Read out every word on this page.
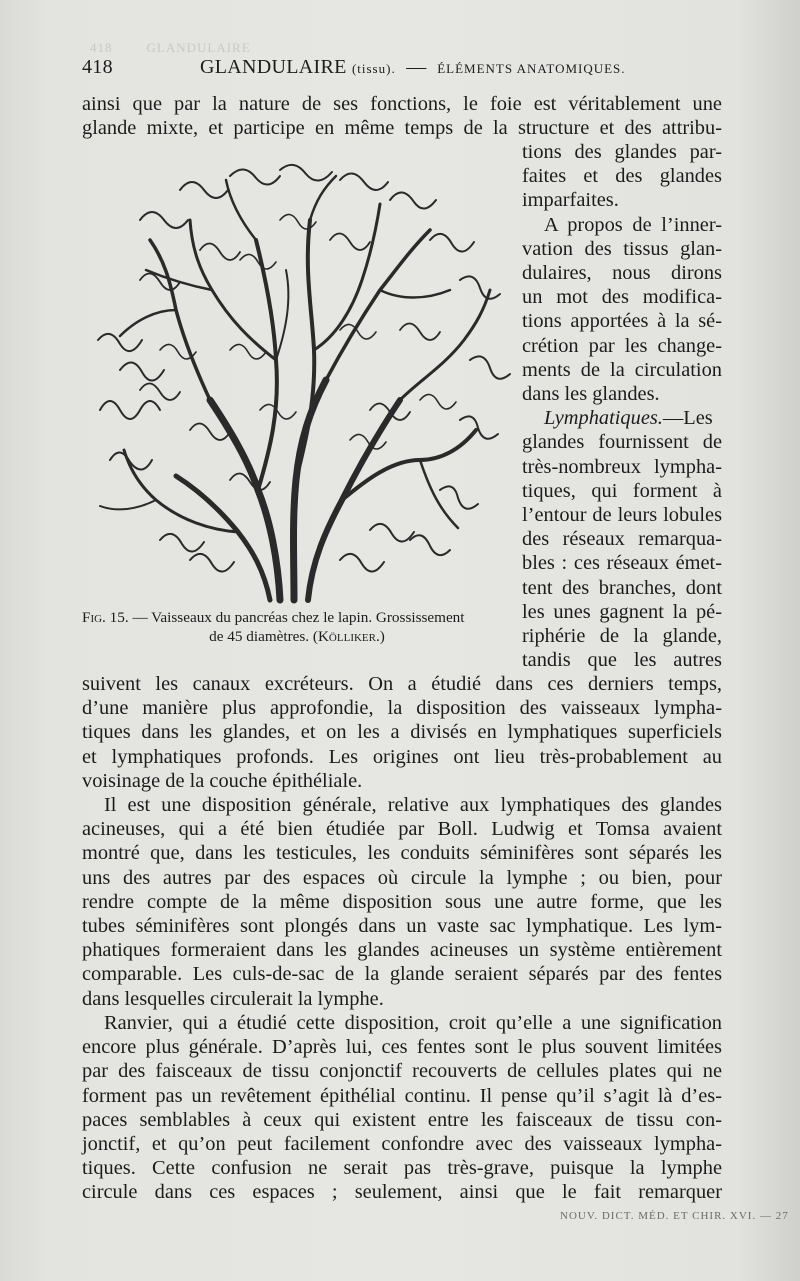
418        GLANDULAIRE
418	GLANDULAIRE (tissu). — ÉLÉMENTS ANATOMIQUES.
ainsi que par la nature de ses fonctions, le foie est véritablement une
glande mixte, et participe en même temps de la structure et des attribu-
tions des glandes par-
faites et des glandes
imparfaites.
A propos de l’inner-
vation des tissus glan-
dulaires, nous dirons
un mot des modifica-
tions apportées à la sé-
crétion par les change-
ments de la circulation
dans les glandes.
Lymphatiques.—Les
glandes fournissent de
très-nombreux lympha-
tiques, qui forment à
l’entour de leurs lobules
des réseaux remarqua-
bles : ces réseaux émet-
tent des branches, dont
les unes gagnent la pé-
riphérie de la glande,
tandis que les autres
Fig. 15. — Vaisseaux du pancréas chez le lapin. Grossissement
de 45 diamètres. (Kölliker.)
suivent les canaux excréteurs. On a étudié dans ces derniers temps,
d’une manière plus approfondie, la disposition des vaisseaux lympha-
tiques dans les glandes, et on les a divisés en lymphatiques superficiels
et lymphatiques profonds. Les origines ont lieu très-probablement au
voisinage de la couche épithéliale.
Il est une disposition générale, relative aux lymphatiques des glandes
acineuses, qui a été bien étudiée par Boll. Ludwig et Tomsa avaient
montré que, dans les testicules, les conduits séminifères sont séparés les
uns des autres par des espaces où circule la lymphe ; ou bien, pour
rendre compte de la même disposition sous une autre forme, que les
tubes séminifères sont plongés dans un vaste sac lymphatique. Les lym-
phatiques formeraient dans les glandes acineuses un système entièrement
comparable. Les culs-de-sac de la glande seraient séparés par des fentes
dans lesquelles circulerait la lymphe.
Ranvier, qui a étudié cette disposition, croit qu’elle a une signification
encore plus générale. D’après lui, ces fentes sont le plus souvent limitées
par des faisceaux de tissu conjonctif recouverts de cellules plates qui ne
forment pas un revêtement épithélial continu. Il pense qu’il s’agit là d’es-
paces semblables à ceux qui existent entre les faisceaux de tissu con-
jonctif, et qu’on peut facilement confondre avec des vaisseaux lympha-
tiques. Cette confusion ne serait pas très-grave, puisque la lymphe
circule dans ces espaces ; seulement, ainsi que le fait remarquer
NOUV. DICT. MÉD. ET CHIR. XVI. — 27
